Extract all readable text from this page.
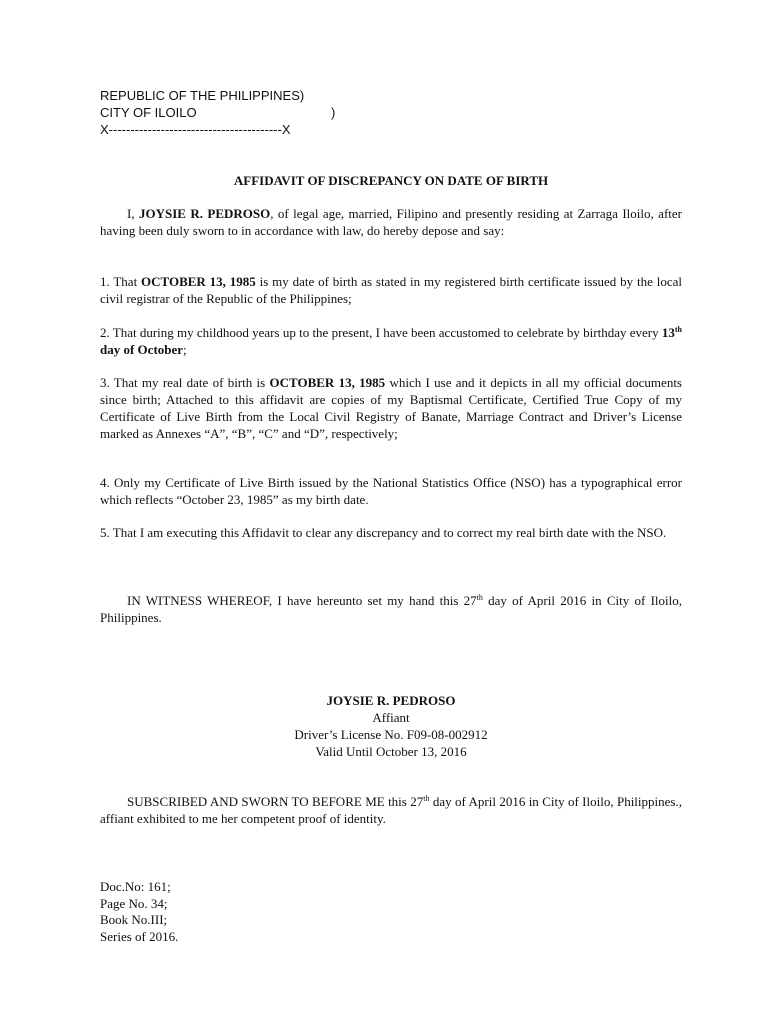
REPUBLIC OF THE PHILIPPINES)
CITY OF ILOILO	)
X----------------------------------------X
AFFIDAVIT OF DISCREPANCY ON DATE OF BIRTH
I, JOYSIE R. PEDROSO, of legal age, married, Filipino and presently residing at Zarraga Iloilo, after having been duly sworn to in accordance with law, do hereby depose and say:
1. That OCTOBER 13, 1985 is my date of birth as stated in my registered birth certificate issued by the local civil registrar of the Republic of the Philippines;
2. That during my childhood years up to the present, I have been accustomed to celebrate by birthday every 13th day of October;
3. That my real date of birth is OCTOBER 13, 1985 which I use and it depicts in all my official documents since birth; Attached to this affidavit are copies of my Baptismal Certificate, Certified True Copy of my Certificate of Live Birth from the Local Civil Registry of Banate, Marriage Contract and Driver’s License marked as Annexes “A”, “B”, “C” and “D”, respectively;
4. Only my Certificate of Live Birth issued by the National Statistics Office (NSO) has a typographical error which reflects “October 23, 1985” as my birth date.
5. That I am executing this Affidavit to clear any discrepancy and to correct my real birth date with the NSO.
IN WITNESS WHEREOF, I have hereunto set my hand this 27th day of April 2016 in City of Iloilo, Philippines.
JOYSIE R. PEDROSO
Affiant
Driver’s License No. F09-08-002912
Valid Until October 13, 2016
SUBSCRIBED AND SWORN TO BEFORE ME this 27th day of April 2016 in City of Iloilo, Philippines., affiant exhibited to me her competent proof of identity.
Doc.No: 161;
Page No. 34;
Book No.III;
Series of 2016.
